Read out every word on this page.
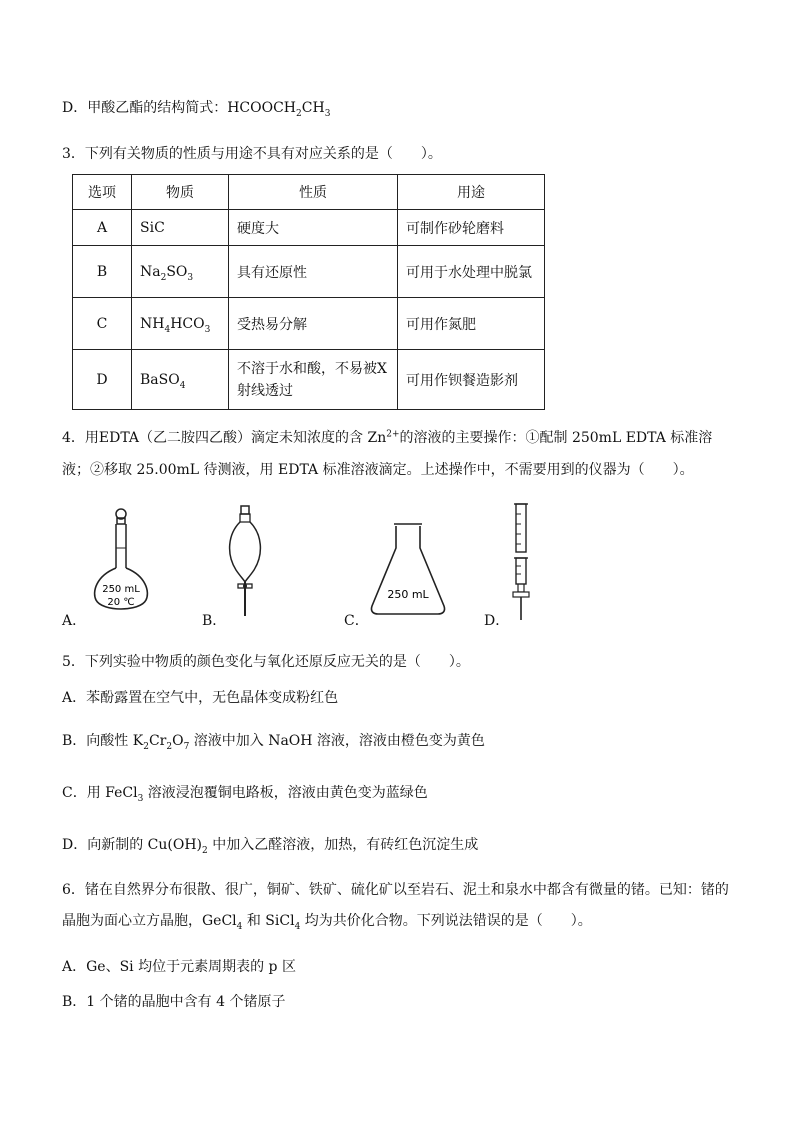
D．甲酸乙酯的结构简式：$HCOOCH_2CH_3$
3．下列有关物质的性质与用途不具有对应关系的是（　　）。
选项	物质	性质	用途
A	SiC	硬度大	可制作砂轮磨料
B	$Na_2SO_3$	具有还原性	可用于水处理中脱氯
C	$NH_4HCO_3$	受热易分解	可用作氮肥
D	BaSO$_4$	不溶于水和酸，不易被X射线透过	可用作钡餐造影剂
4．用EDTA（乙二胺四乙酸）滴定未知浓度的含 $Zn^{2+}$的溶液的主要操作：①配制 250mL EDTA 标准溶
液；②移取 25.00mL 待测液，用 EDTA 标准溶液滴定。上述操作中，不需要用到的仪器为（　　）。
250 mL
20 ℃
A．	B．
250 mL
C．	D．
5．下列实验中物质的颜色变化与氧化还原反应无关的是（　　）。
A．苯酚露置在空气中，无色晶体变成粉红色
B．向酸性 $K_2Cr_2O_7$ 溶液中加入 NaOH 溶液，溶液由橙色变为黄色
C．用 FeCl$_3$ 溶液浸泡覆铜电路板，溶液由黄色变为蓝绿色
D．向新制的 $Cu(OH)_2$ 中加入乙醛溶液，加热，有砖红色沉淀生成
6．锗在自然界分布很散、很广，铜矿、铁矿、硫化矿以至岩石、泥土和泉水中都含有微量的锗。已知：锗的
晶胞为面心立方晶胞，GeCl$_4$ 和 SiCl$_4$ 均为共价化合物。下列说法错误的是（　　）。
A．Ge、Si 均位于元素周期表的 p 区
B．1 个锗的晶胞中含有 4 个锗原子
